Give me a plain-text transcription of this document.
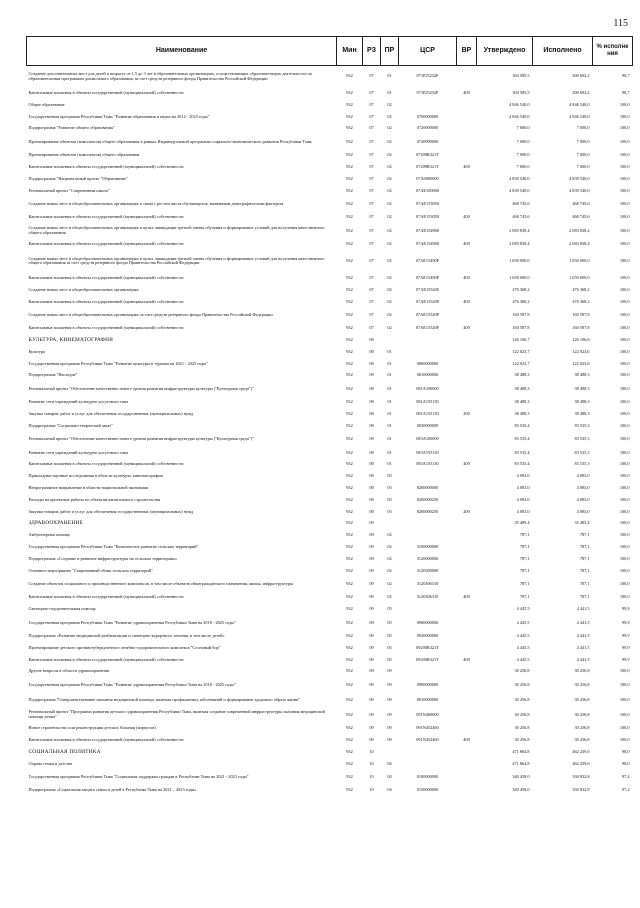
115
Наименование	Мин	РЗ	ПР	ЦСР	ВР	Утверждено	Исполнено	% исполне ния
Создание дополнительных мест для детей в возрасте от 1,5 до 3 лет в образовательных организациях, осуществляющих образовательную деятельность по образовательным программам дошкольного образования, за счет средств резервного фонда Правительства Российской Федерации	932	07	01	071P25232F		304 585,5	300 692,2	98,7
Капитальные вложения в объекты государственной (муниципальной) собственности	932	07	01	071P25232F	400	304 585,5	300 692,2	98,7
Общее образование	932	07	02			4 846 540,0	4 846 540,0	100,0
Государственная программа Республики Тыва "Развитие образования и науки на 2014 - 2025 годы"	932	07	02	0700000000		4 846 540,0	4 846 540,0	100,0
Подпрограмма "Развитие общего образования"	932	07	02	0720000000		7 000,0	7 000,0	100,0
Проектирование объектов (комплексов) общего образования в рамках Индивидуальной программы социально-экономического развития Республики Тыва	932	07	02	0720900000		7 000,0	7 000,0	100,0
Проектирование объектов (комплексов) общего образования	932	07	02	07209R321T		7 000,0	7 000,0	100,0
Капитальные вложения в объекты государственной (муниципальной) собственности	932	07	02	07209R321T	400	7 000,0	7 000,0	100,0
Подпрограмма "Национальный проект "Образование"	932	07	02	07А0000000		4 839 540,0	4 839 540,0	100,0
Региональный проект "Современная школа"	932	07	02	07АЕ100000		4 839 540,0	4 839 540,0	100,0
Создание новых мест в общеобразовательных организациях в связи с ростом числа обучающихся, вызванным демографическим фактором	932	07	02	07АЕ153050		468 745,6	468 745,6	100,0
Капитальные вложения в объекты государственной (муниципальной) собственности	932	07	02	07АЕ153050	400	468 745,6	468 745,6	100,0
Создание новых мест в общеобразовательных организациях в целях ликвидации третьей смены обучения и формирование условий для получения качественного общего образования	932	07	02	07АЕ154900		2 083 838,4	2 083 838,4	100,0
Капитальные вложения в объекты государственной (муниципальной) собственности	932	07	02	07АЕ154900	400	2 083 838,4	2 083 838,4	100,0
Создание новых мест в общеобразовательных организациях в целях ликвидации третьей смены обучения и формирование условий для получения качественного общего образования за счет средств резервного фонда Правительства Российской Федерации	932	07	02	07АЕ15490F		1 650 000,0	1 650 000,0	100,0
Капитальные вложения в объекты государственной (муниципальной) собственности	932	07	02	07АЕ15490F	400	1 650 000,0	1 650 000,0	100,0
Создание новых мест в общеобразовательных организациях	932	07	02	07АЕ155200		476 368,2	476 368,2	100,0
Капитальные вложения в объекты государственной (муниципальной) собственности	932	07	02	07АЕ155200	400	476 368,2	476 368,2	100,0
Создание новых мест в общеобразовательных организациях за счет средств резервного фонда Правительства Российской Федерации	932	07	02	07АЕ15520F		160 587,8	160 587,8	100,0
Капитальные вложения в объекты государственной (муниципальной) собственности	932	07	02	07АЕ15520F	400	160 587,8	160 587,8	100,0
КУЛЬТУРА, КИНЕМАТОГРАФИЯ	932	08				126 106,7	126 106,6	100,0
Культура	932	08	01			122 023,7	122 023,6	100,0
Государственная программа Республики Тыва "Развитие культуры и туризма на 2021 - 2025 годы"	932	08	01	0800000000		122 023,7	122 023,6	100,0
Подпрограмма "Наследие"	932	08	01	0810000000		38 488,3	38 488,3	100,0
Региональный проект "Обеспечение качественно нового уровня развития инфраструктуры культуры ("Культурная среда")"	932	08	01	081А100000		38 488,3	38 488,3	100,0
Развитие сети учреждений культурно-досугового типа	932	08	01	081А155130		38 488,3	38 488,3	100,0
Закупка товаров, работ и услуг для обеспечения государственных (муниципальных) нужд	932	08	01	081А155130	200	38 488,3	38 488,3	100,0
Подпрограмма "Социально-творческий заказ"	932	08	01	0830000000		83 535,4	83 535,3	100,0
Региональный проект "Обеспечение качественно нового уровня развития инфраструктуры культуры ("Культурная среда")"	932	08	01	083А100000		83 535,4	83 535,3	100,0
Развитие сети учреждений культурно-досугового типа	932	08	01	083А155130		83 535,4	83 535,3	100,0
Капитальные вложения в объекты государственной (муниципальной) собственности	932	08	01	083А155130	400	83 535,4	83 535,3	100,0
Прикладные научные исследования в области культуры, кинематографии	932	08	03			4 083,0	4 083,0	100,0
Непрограммное направление в области национальной экономики	932	08	03	8200000000		4 083,0	4 083,0	100,0
Расходы на проектные работы по объектам капитального строительства	932	08	03	8200000250		4 083,0	4 083,0	100,0
Закупка товаров, работ и услуг для обеспечения государственных (муниципальных) нужд	932	08	03	8200000250	200	4 083,0	4 083,0	100,0
ЗДРАВООХРАНЕНИЕ	932	09				35 489,4	35 485,4	100,0
Амбулаторная помощь	932	09	02			787,1	787,1	100,0
Государственная программа Республики Тыва "Комплексное развитие сельских территорий"	932	09	02	3100000000		787,1	787,1	100,0
Подпрограмма «Создание и развитие инфраструктуры на сельских территориях»	932	09	02	3120000000		787,1	787,1	100,0
Основное мероприятие "Современный облик сельских территорий"	932	09	02	3120300000		787,1	787,1	100,0
Создание объектов социального и производственного комплексов, в том числе объектов общегражданского назначения, жилья, инфраструктуры	932	09	02	3120306310		787,1	787,1	100,0
Капитальные вложения в объекты государственной (муниципальной) собственности	932	09	02	3120306310	400	787,1	787,1	100,0
Санаторно-оздоровительная помощь	932	09	05			4 445,5	4 441,5	99,9
Государственная программа Республики Тыва "Развитие здравоохранения Республики Тыва на 2018 - 2025 годы"	932	09	05	0900000000		4 445,5	4 441,5	99,9
Подпрограмма «Развитие медицинской реабилитации и санаторно-курортного лечения, в том числе детей»	932	09	05	0920000000		4 445,5	4 441,5	99,9
Проектирование детского противотуберкулезного лечебно-оздоровительного комплекса "Сосновый бор"	932	09	05	09200R321T		4 445,5	4 441,5	99,9
Капитальные вложения в объекты государственной (муниципальной) собственности	932	09	05	09200R321T	400	4 445,5	4 441,5	99,9
Другие вопросы в области здравоохранения	932	09	09			30 256,8	30 256,8	100,0
Государственная программа Республики Тыва "Развитие здравоохранения Республики Тыва на 2018 - 2025 годы"	932	09	09	0900000000		30 256,8	30 256,8	100,0
Подпрограмма "Совершенствование оказания медицинской помощи, включая профилактику заболеваний и формирование здорового образа жизни"	932	09	09	0910000000		30 256,8	30 256,8	100,0
Региональный проект "Программа развития детского здравоохранения Республики Тыва, включая создание современной инфраструктуры оказания медицинской помощи детям"	932	09	09	091N400000		30 256,8	30 256,8	100,0
Новое строительство или реконструкция детских больниц (корпусов)	932	09	09	091N452460		30 256,8	30 256,8	100,0
Капитальные вложения в объекты государственной (муниципальной) собственности	932	09	09	091N452460	400	30 256,8	30 256,8	100,0
СОЦИАЛЬНАЯ ПОЛИТИКА	932	10				471 864,8	462 239,6	98,0
Охрана семьи и детства	932	10	04			471 864,8	462 239,6	98,0
Государственная программа Республики Тыва "Социальная поддержка граждан в Республике Тыва на 2021 - 2023 годы"	932	10	04	0100000000		340 458,0	330 832,8	97,2
Подпрограмма «Социальная защита семьи и детей в Республике Тыва на 2021 – 2023 годы»	932	10	04	0150000000		340 458,0	330 832,8	97,2
